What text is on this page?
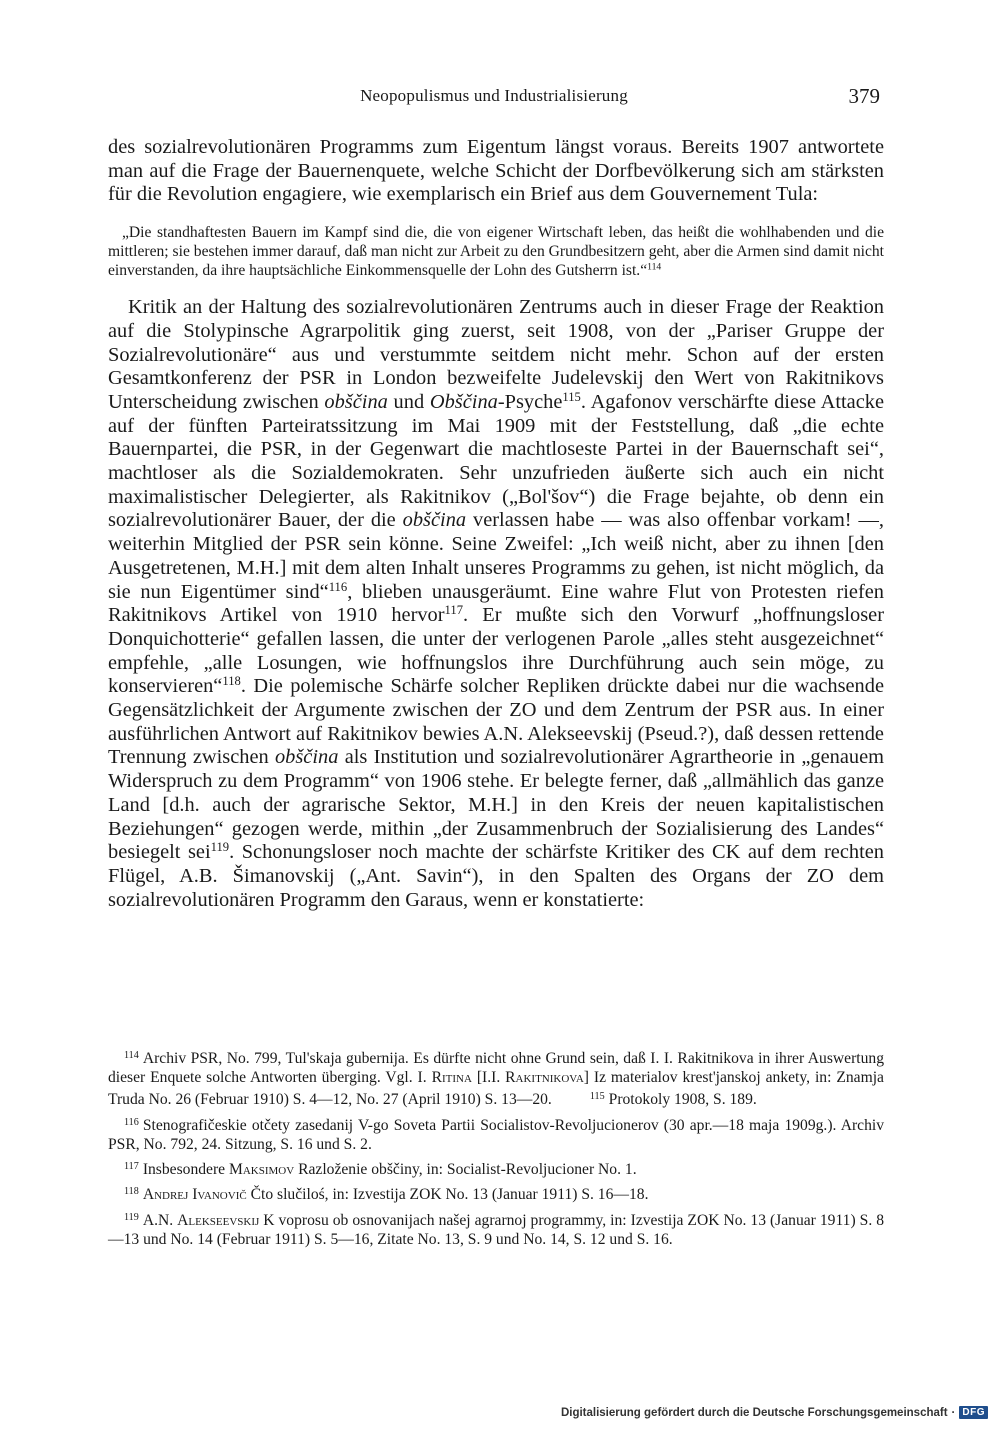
Neopopulismus und Industrialisierung	379

des sozialrevolutionären Programms zum Eigentum längst voraus. Bereits 1907 antwortete man auf die Frage der Bauernenquete, welche Schicht der Dorfbevölkerung sich am stärksten für die Revolution engagiere, wie exemplarisch ein Brief aus dem Gouvernement Tula:

„Die standhaftesten Bauern im Kampf sind die, die von eigener Wirtschaft leben, das heißt die wohlhabenden und die mittleren; sie bestehen immer darauf, daß man nicht zur Arbeit zu den Grundbesitzern geht, aber die Armen sind damit nicht einverstanden, da ihre hauptsächliche Einkommensquelle der Lohn des Gutsherrn ist.“$^{114}$

Kritik an der Haltung des sozialrevolutionären Zentrums auch in dieser Frage der Reaktion auf die Stolypinsche Agrarpolitik ging zuerst, seit 1908, von der „Pariser Gruppe der Sozialrevolutionäre“ aus und verstummte seitdem nicht mehr. Schon auf der ersten Gesamtkonferenz der PSR in London bezweifelte Judelevskij den Wert von Rakitnikovs Unterscheidung zwischen obščina und Obščina-Psyche$^{115}$. Agafonov verschärfte diese Attacke auf der fünften Parteiratssitzung im Mai 1909 mit der Feststellung, daß „die echte Bauernpartei, die PSR, in der Gegenwart die machtloseste Partei in der Bauernschaft sei“, machtloser als die Sozialdemokraten. Sehr unzufrieden äußerte sich auch ein nicht maximalistischer Delegierter, als Rakitnikov („Bol'šov“) die Frage bejahte, ob denn ein sozialrevolutionärer Bauer, der die obščina verlassen habe — was also offenbar vorkam! —, weiterhin Mitglied der PSR sein könne. Seine Zweifel: „Ich weiß nicht, aber zu ihnen [den Ausgetretenen, M.H.] mit dem alten Inhalt unseres Programms zu gehen, ist nicht möglich, da sie nun Eigentümer sind“$^{116}$, blieben unausgeräumt. Eine wahre Flut von Protesten riefen Rakitnikovs Artikel von 1910 hervor$^{117}$. Er mußte sich den Vorwurf „hoffnungsloser Donquichotterie“ gefallen lassen, die unter der verlogenen Parole „alles steht ausgezeichnet“ empfehle, „alle Losungen, wie hoffnungslos ihre Durchführung auch sein möge, zu konservieren“$^{118}$. Die polemische Schärfe solcher Repliken drückte dabei nur die wachsende Gegensätzlichkeit der Argumente zwischen der ZO und dem Zentrum der PSR aus. In einer ausführlichen Antwort auf Rakitnikov bewies A.N. Alekseevskij (Pseud.?), daß dessen rettende Trennung zwischen obščina als Institution und sozialrevolutionärer Agrartheorie in „genauem Widerspruch zu dem Programm“ von 1906 stehe. Er belegte ferner, daß „allmählich das ganze Land [d.h. auch der agrarische Sektor, M.H.] in den Kreis der neuen kapitalistischen Beziehungen“ gezogen werde, mithin „der Zusammenbruch der Sozialisierung des Landes“ besiegelt sei$^{119}$. Schonungsloser noch machte der schärfste Kritiker des CK auf dem rechten Flügel, A.B. Šimanovskij („Ant. Savin“), in den Spalten des Organs der ZO dem sozialrevolutionären Programm den Garaus, wenn er konstatierte:

$^{114}$ Archiv PSR, No. 799, Tul'skaja gubernija. Es dürfte nicht ohne Grund sein, daß I. I. Rakitnikova in ihrer Auswertung dieser Enquete solche Antworten überging. Vgl. I. Ritina [I.I. Rakitnikova] Iz materialov krest'janskoj ankety, in: Znamja Truda No. 26 (Februar 1910) S. 4—12, No. 27 (April 1910) S. 13—20.	$^{115}$ Protokoly 1908, S. 189.

$^{116}$ Stenografičeskie otčety zasedanij V-go Soveta Partii Socialistov-Revoljucionerov (30 apr.—18 maja 1909g.). Archiv PSR, No. 792, 24. Sitzung, S. 16 und S. 2.

$^{117}$ Insbesondere Maksimov Razloženie obščiny, in: Socialist-Revoljucioner No. 1.

$^{118}$ Andrej Ivanovič Čto slučiloś, in: Izvestija ZOK No. 13 (Januar 1911) S. 16—18.

$^{119}$ A.N. Alekseevskij K voprosu ob osnovanijach našej agrarnoj programmy, in: Izvestija ZOK No. 13 (Januar 1911) S. 8—13 und No. 14 (Februar 1911) S. 5—16, Zitate No. 13, S. 9 und No. 14, S. 12 und S. 16.

Digitalisierung gefördert durch die Deutsche Forschungsgemeinschaft · DFG
